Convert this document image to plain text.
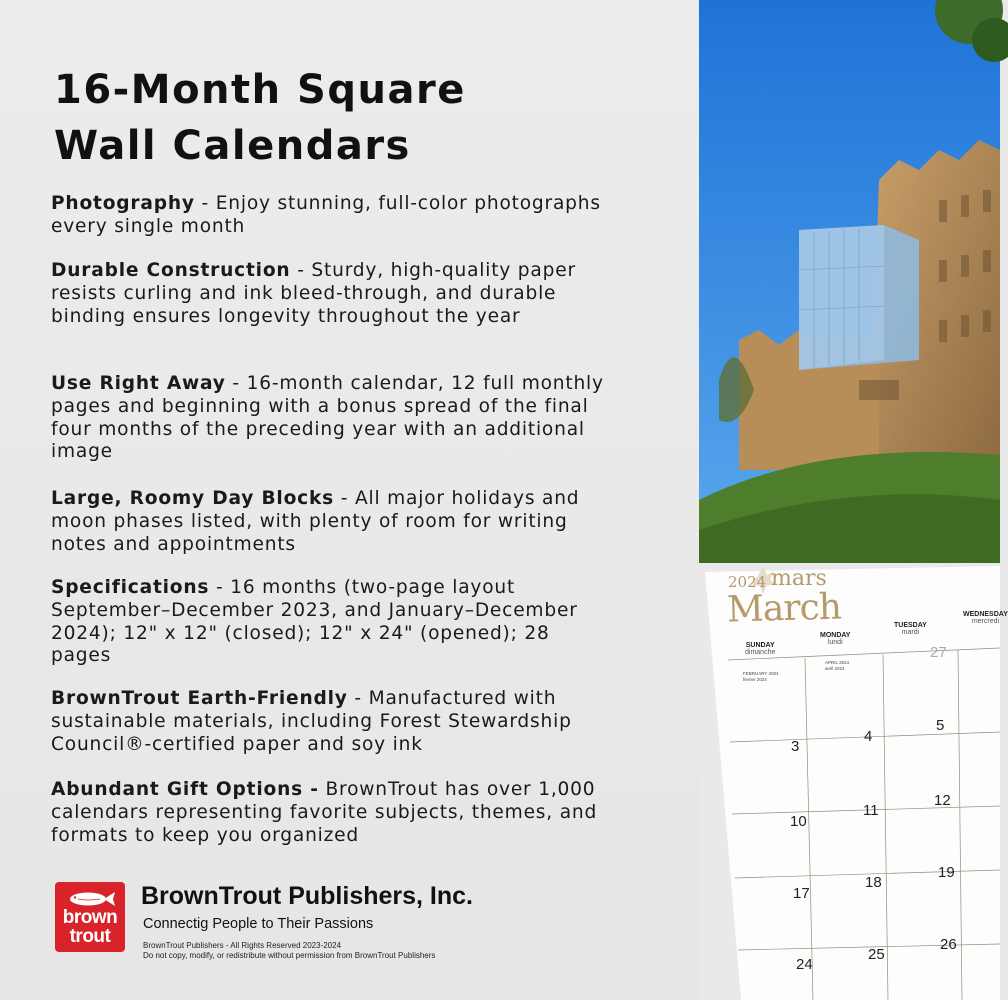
16-Month Square
Wall Calendars

Photography - Enjoy stunning, full-color photographs every single month

Durable Construction - Sturdy, high-quality paper resists curling and ink bleed-through, and durable binding ensures longevity throughout the year

Use Right Away - 16-month calendar, 12 full monthly pages and beginning with a bonus spread of the final four months of the preceding year with an additional image

Large, Roomy Day Blocks - All major holidays and moon phases listed, with plenty of room for writing notes and appointments

Specifications - 16 months (two-page layout September–December 2023, and January–December 2024); 12" x 12" (closed); 12" x 24" (opened); 28 pages

BrownTrout Earth-Friendly - Manufactured with sustainable materials, including Forest Stewardship Council®-certified paper and soy ink

Abundant Gift Options - BrownTrout has over 1,000 calendars representing favorite subjects, themes, and formats to keep you organized

brown
trout
BrownTrout Publishers, Inc.
Connectig People to Their Passions
BrownTrout Publishers - All Rights Reserved 2023-2024
Do not copy, modify, or redistribute without permission from BrownTrout Publishers
2024 mars
March
SUNDAY
dimanche
MONDAY
lundi
TUESDAY
mardi
WEDNESDAY
mercredi
FEBRUARY 2024
février 2024
APRIL 2024
avril 2024
27
3
4
5
10
11
12
17
18
19
24
25
26
